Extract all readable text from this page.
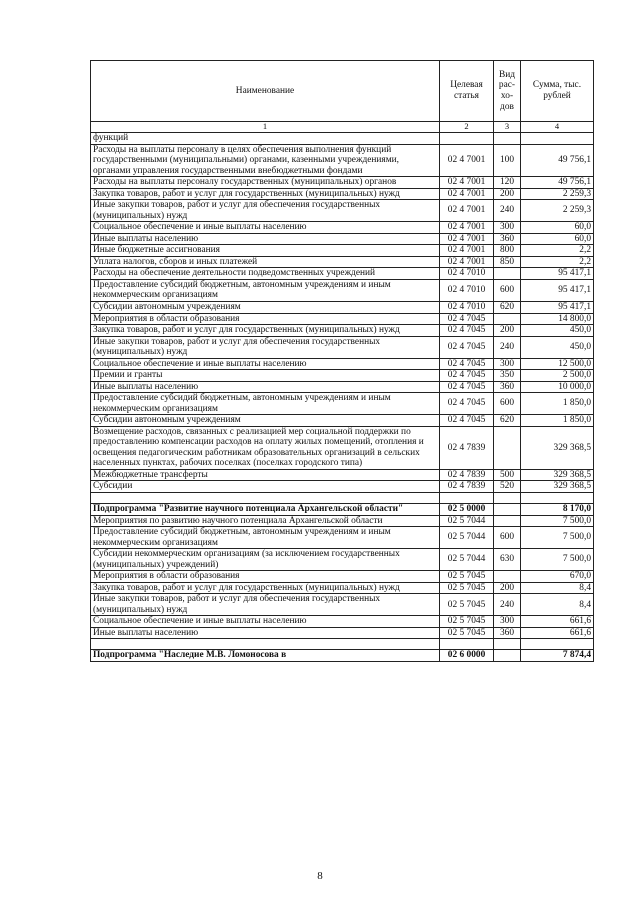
Наименование	Целевая статья	Вид рас- хо- дов	Сумма, тыс. рублей
1	2	3	4
функций			
Расходы на выплаты персоналу в целях обеспечения выполнения функций государственными (муниципальными) органами, казенными учреждениями, органами управления государственными внебюджетными фондами	02 4 7001	100	49 756,1
Расходы на выплаты персоналу государственных (муниципальных) органов	02 4 7001	120	49 756,1
Закупка товаров, работ и услуг для государственных (муниципальных) нужд	02 4 7001	200	2 259,3
Иные закупки товаров, работ и услуг для обеспечения государственных (муниципальных) нужд	02 4 7001	240	2 259,3
Социальное обеспечение и иные выплаты населению	02 4 7001	300	60,0
Иные выплаты населению	02 4 7001	360	60,0
Иные бюджетные ассигнования	02 4 7001	800	2,2
Уплата налогов, сборов и иных платежей	02 4 7001	850	2,2
Расходы на обеспечение деятельности подведомственных учреждений	02 4 7010		95 417,1
Предоставление субсидий бюджетным, автономным учреждениям и иным некоммерческим организациям	02 4 7010	600	95 417,1
Субсидии автономным учреждениям	02 4 7010	620	95 417,1
Мероприятия в области образования	02 4 7045		14 800,0
Закупка товаров, работ и услуг для государственных (муниципальных) нужд	02 4 7045	200	450,0
Иные закупки товаров, работ и услуг для обеспечения государственных (муниципальных) нужд	02 4 7045	240	450,0
Социальное обеспечение и иные выплаты населению	02 4 7045	300	12 500,0
Премии и гранты	02 4 7045	350	2 500,0
Иные выплаты населению	02 4 7045	360	10 000,0
Предоставление субсидий бюджетным, автономным учреждениям и иным некоммерческим организациям	02 4 7045	600	1 850,0
Субсидии автономным учреждениям	02 4 7045	620	1 850,0
Возмещение расходов, связанных с реализацией мер социальной поддержки по предоставлению компенсации расходов на оплату жилых помещений, отопления и освещения педагогическим работникам образовательных организаций в сельских населенных пунктах, рабочих поселках (поселках городского типа)	02 4 7839		329 368,5
Межбюджетные трансферты	02 4 7839	500	329 368,5
Субсидии	02 4 7839	520	329 368,5

Подпрограмма "Развитие научного потенциала Архангельской области"	02 5 0000		8 170,0
Мероприятия по развитию научного потенциала Архангельской области	02 5 7044		7 500,0
Предоставление субсидий бюджетным, автономным учреждениям и иным некоммерческим организациям	02 5 7044	600	7 500,0
Субсидии некоммерческим организациям (за исключением государственных (муниципальных) учреждений)	02 5 7044	630	7 500,0
Мероприятия в области образования	02 5 7045		670,0
Закупка товаров, работ и услуг для государственных (муниципальных) нужд	02 5 7045	200	8,4
Иные закупки товаров, работ и услуг для обеспечения государственных (муниципальных) нужд	02 5 7045	240	8,4
Социальное обеспечение и иные выплаты населению	02 5 7045	300	661,6
Иные выплаты населению	02 5 7045	360	661,6

Подпрограмма "Наследие М.В. Ломоносова в	02 6 0000		7 874,4
8
